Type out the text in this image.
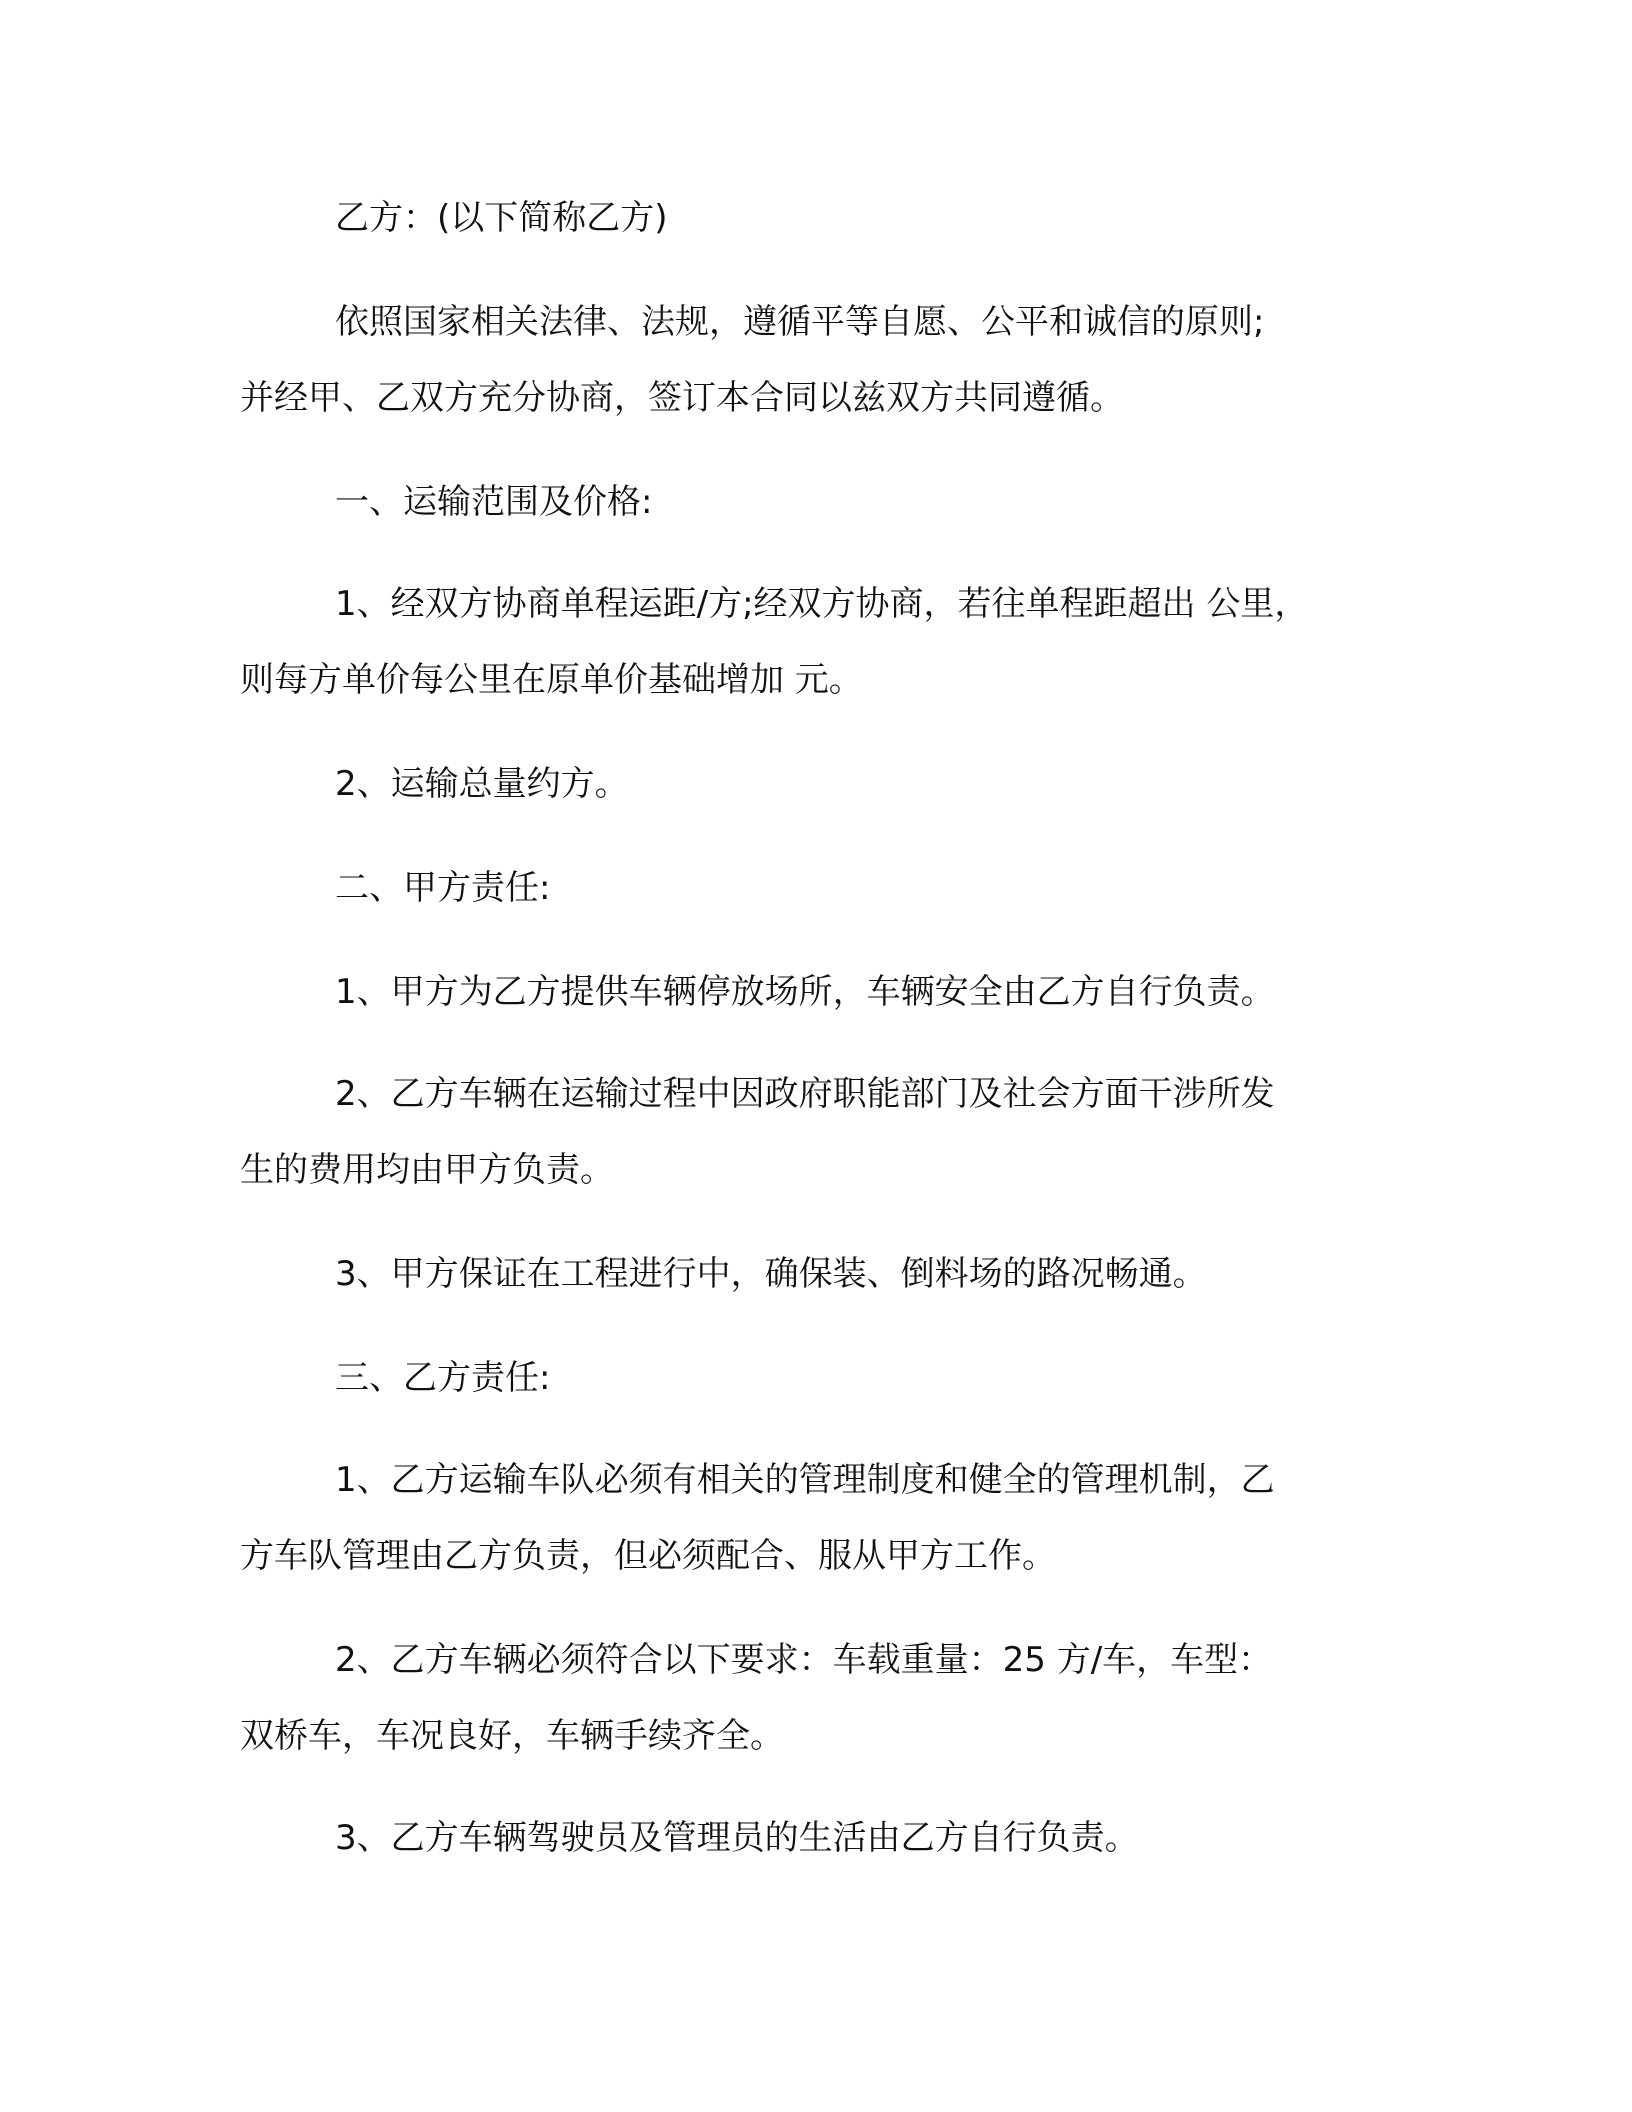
乙方：(以下简称乙方)

依照国家相关法律、法规，遵循平等自愿、公平和诚信的原则;
并经甲、乙双方充分协商，签订本合同以兹双方共同遵循。

一、运输范围及价格:

1、经双方协商单程运距/方;经双方协商，若往单程距超出 公里，
则每方单价每公里在原单价基础增加 元。

2、运输总量约方。

二、甲方责任:

1、甲方为乙方提供车辆停放场所，车辆安全由乙方自行负责。

2、乙方车辆在运输过程中因政府职能部门及社会方面干涉所发
生的费用均由甲方负责。

3、甲方保证在工程进行中，确保装、倒料场的路况畅通。

三、乙方责任:

1、乙方运输车队必须有相关的管理制度和健全的管理机制，乙
方车队管理由乙方负责，但必须配合、服从甲方工作。

2、乙方车辆必须符合以下要求：车载重量：25 方/车，车型：
双桥车，车况良好，车辆手续齐全。

3、乙方车辆驾驶员及管理员的生活由乙方自行负责。
